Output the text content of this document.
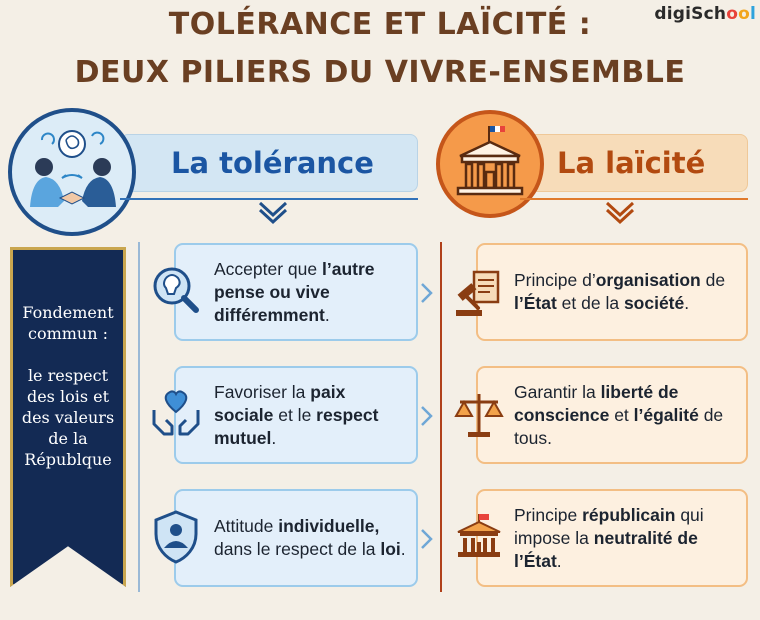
digiSchool
TOLÉRANCE ET LAÏCITÉ :
DEUX PILIERS DU VIVRE-ENSEMBLE
La tolérance	La laïcité
Fondement
commun :
le respect
des lois et
des valeurs
de la
Républque
Accepter que l’autre pense ou vive différemment.
Favoriser la paix sociale et le respect mutuel.
Attitude individuelle, dans le respect de la loi.
Principe d’organisation de l’État et de la société.
Garantir la liberté de conscience et l’égalité de tous.
Principe républicain qui impose la neutralité de l’État.
